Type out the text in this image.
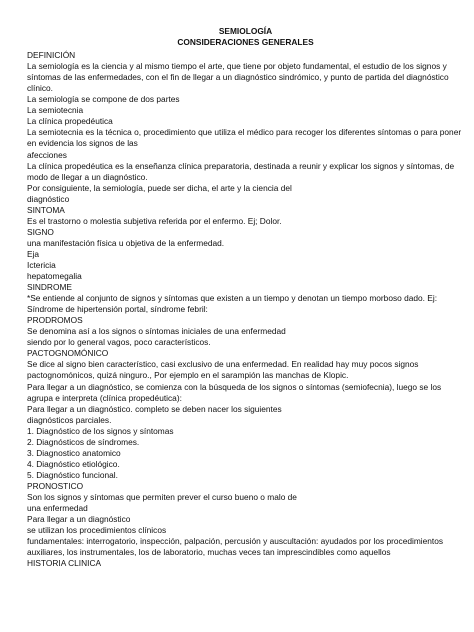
SEMIOLOGÍA

CONSIDERACIONES GENERALES

DEFINICIÓN

La semiología es la ciencia y al mismo tiempo el arte, que tiene por objeto fundamental, el estudio de los signos y síntomas de las enfermedades, con el fin de llegar a un diagnóstico sindrómico, y punto de partida del diagnóstico clínico.

La semiología se compone de dos partes

La semiotecnia

La clínica propedéutica

La semiotecnia es la técnica o, procedimiento que utiliza el médico para recoger los diferentes síntomas o para poner en evidencia los signos de las

afecciones

La clínica propedéutica es la enseñanza clínica preparatoria, destinada a reunir y explicar los signos y síntomas, de modo de llegar a un diagnóstico.

Por consiguiente, la semiología, puede ser dicha, el arte y la ciencia del

diagnóstico

SINTOMA

Es el trastorno o molestia subjetiva referida por el enfermo. Ej; Dolor.

SIGNO

una manifestación física u objetiva de la enfermedad.

Eja

Ictericia

hepatomegalia

SINDROME

*Se entiende al conjunto de signos y síntomas que existen a un tiempo y denotan un tiempo morboso dado. Ej: Síndrome de hipertensión portal, síndrome febril:

PRODROMOS

Se denomina así a los signos o síntomas iniciales de una enfermedad

siendo por lo general vagos, poco característicos.

PACTOGNOMÓNICO

Se dice al signo bien característico, casi exclusivo de una enfermedad. En realidad hay muy pocos signos pactognomónicos, quizá ninguro., Por ejemplo en el sarampión las manchas de Klopic.

Para llegar a un diagnóstico, se comienza con la búsqueda de los signos o síntomas (semiofecnia), luego se los agrupa e interpreta (clínica propedéutica):

Para llegar a un diagnóstico. completo se deben nacer los siguientes

diagnósticos parciales.

1. Diagnóstico de los signos y síntomas

2. Diagnósticos de síndromes.

3. Diagnostico anatomico

4. Diagnóstico etiológico.

5. Diagnóstico funcional.

PRONOSTICO

Son los signos y síntomas que permiten prever el curso bueno o malo de

una enfermedad

Para llegar a un diagnóstico

se utilizan los procedimientos clínicos

fundamentales: interrogatorio, inspección, palpación, percusión y auscultación: ayudados por los procedimientos auxiliares, los instrumentales, los de laboratorio, muchas veces tan imprescindibles como aquellos

HISTORIA CLINICA
